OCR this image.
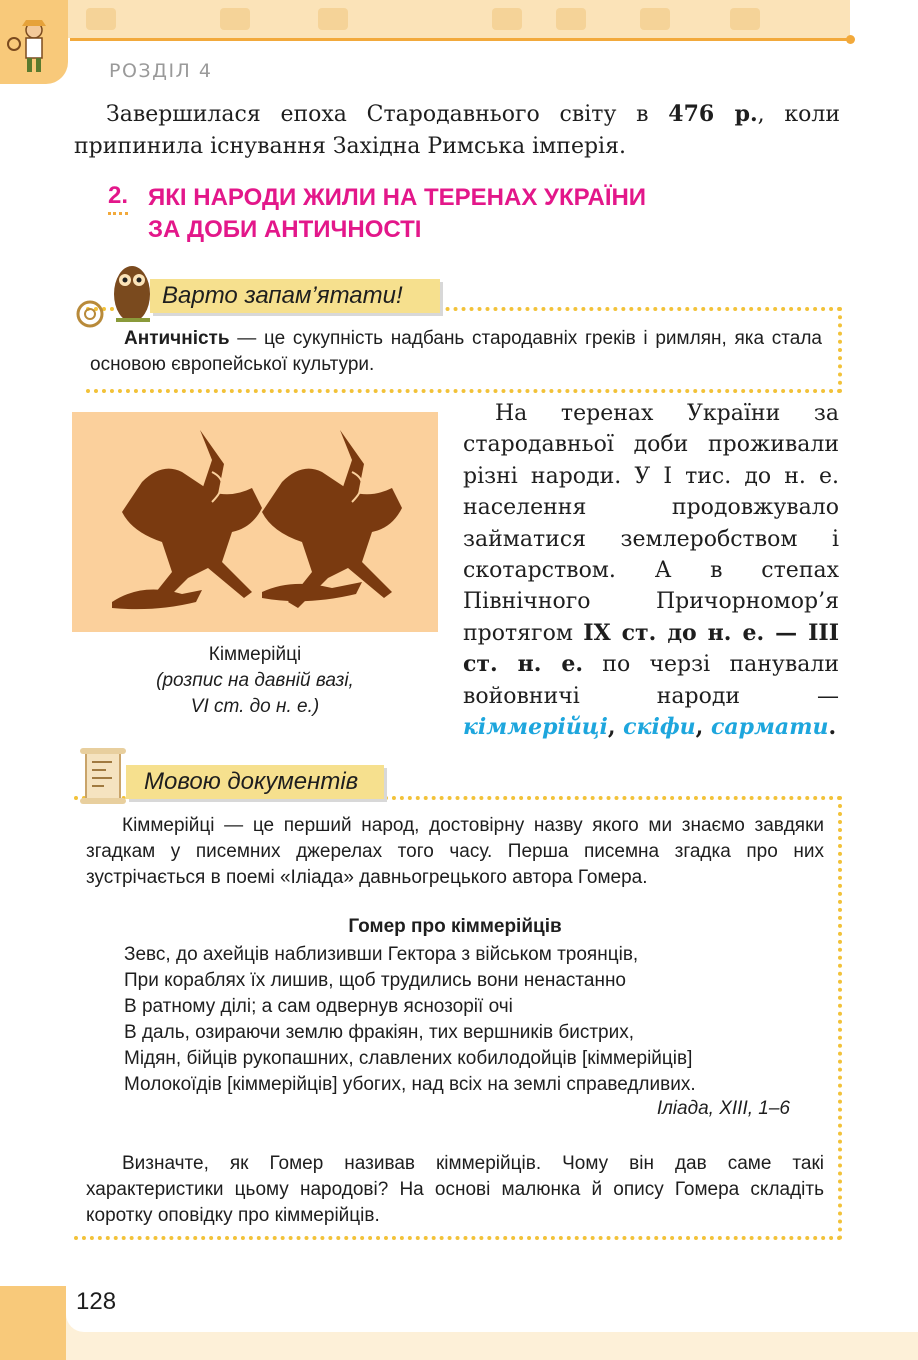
РОЗДІЛ 4
Завершилася епоха Стародавнього світу в 476 р., коли припинила існування Західна Римська імперія.
2. ЯКІ НАРОДИ ЖИЛИ НА ТЕРЕНАХ УКРАЇНИ
ЗА ДОБИ АНТИЧНОСТІ
Варто запам’ятати!
Античність — це сукупність надбань стародавніх греків і римлян, яка стала основою європейської культури.
Кіммерійці
(розпис на давній вазі,
VI ст. до н. е.)
На теренах України за стародавньої доби проживали різні народи. У І тис. до н. е. населення продовжувало займатися землеробством і скотарством. А в степах Північного Причорномор’я протягом IX ст. до н. е. — III ст. н. е. по черзі панували войовничі народи — кіммерійці, скіфи, сармати.
Мовою документів
Кіммерійці — це перший народ, достовірну назву якого ми знаємо завдяки згадкам у писемних джерелах того часу. Перша писемна згадка про них зустрічається в поемі «Іліада» давньогрецького автора Гомера.
Гомер про кіммерійців
Зевс, до ахейців наблизивши Гектора з військом троянців,
При кораблях їх лишив, щоб трудились вони ненастанно
В ратному ділі; а сам одвернув яснозорії очі
В даль, озираючи землю фракіян, тих вершників бистрих,
Мідян, бійців рукопашних, славлених кобилодойців [кіммерійців]
Молокоїдів [кіммерійців] убогих, над всіх на землі справедливих.
Іліада, XIII, 1–6
Визначте, як Гомер називав кіммерійців. Чому він дав саме такі характеристики цьому народові? На основі малюнка й опису Гомера складіть коротку оповідку про кіммерійців.
128
